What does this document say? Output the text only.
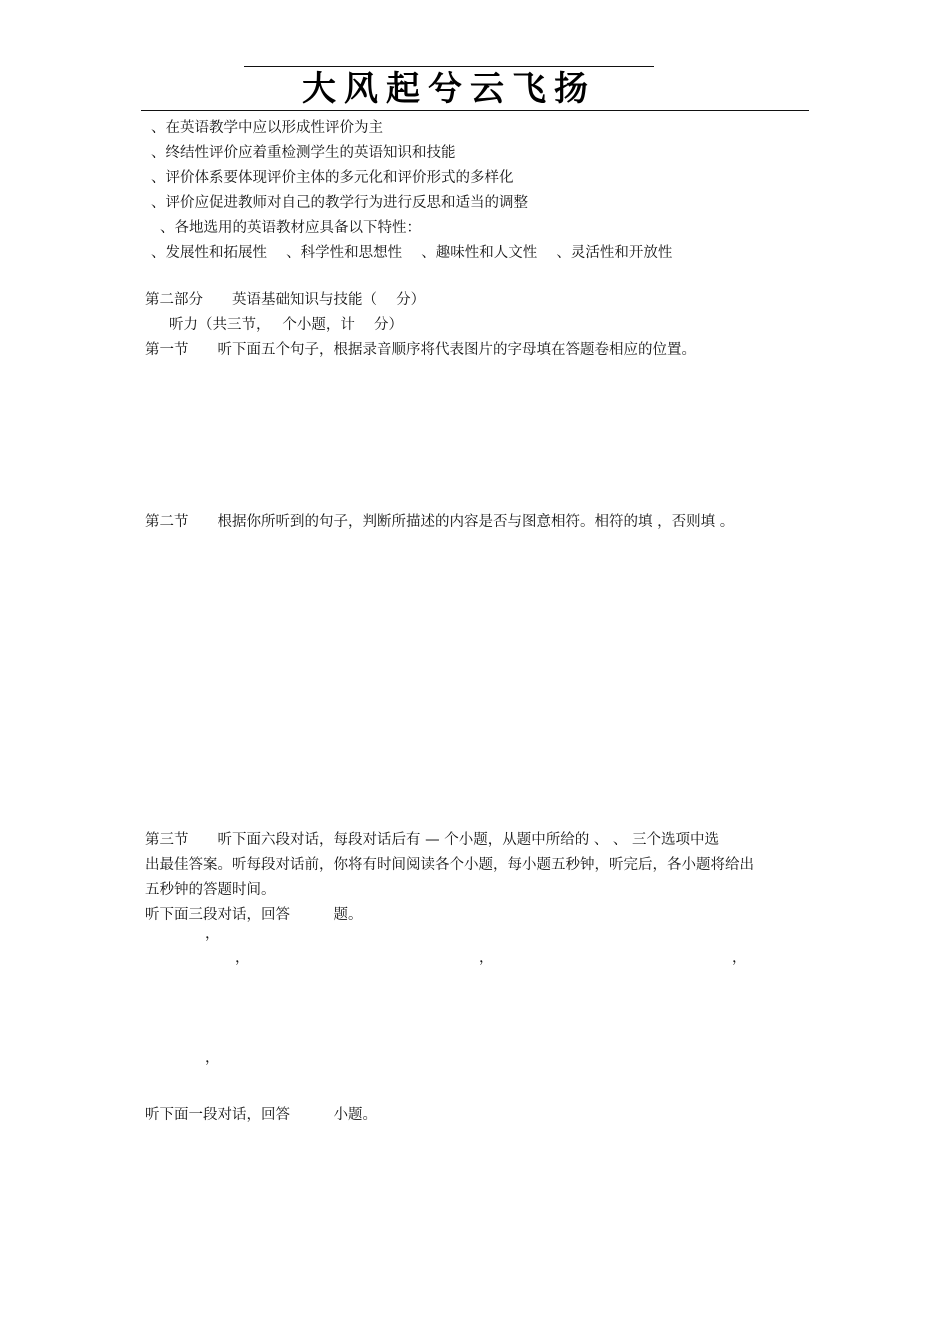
大风起兮云飞扬
、在英语教学中应以形成性评价为主
、终结性评价应着重检测学生的英语知识和技能
、评价体系要体现评价主体的多元化和评价形式的多样化
、评价应促进教师对自己的教学行为进行反思和适当的调整
、各地选用的英语教材应具备以下特性：
、发展性和拓展性　 、科学性和思想性　 、趣味性和人文性　 、灵活性和开放性
第二部分　　英语基础知识与技能（　 分）
听力（共三节，　 个小题，计　 分）
第一节　　听下面五个句子，根据录音顺序将代表图片的字母填在答题卷相应的位置。
第二节　　根据你所听到的句子，判断所描述的内容是否与图意相符。相符的填 ，否则填 。
第三节　　听下面六段对话，每段对话后有 — 个小题，从题中所给的 、 、 三个选项中选
出最佳答案。听每段对话前，你将有时间阅读各个小题，每小题五秒钟，听完后，各小题将给出
五秒钟的答题时间。
听下面三段对话，回答　　　题。
，
，	，	，
，
听下面一段对话，回答　　　小题。
